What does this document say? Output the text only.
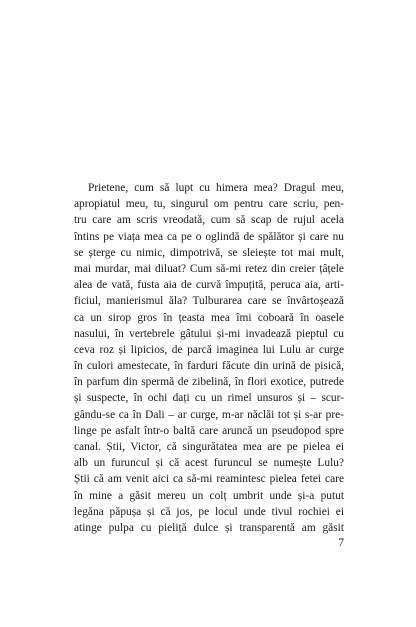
Prietene, cum să lupt cu himera mea? Dragul meu,
apropiatul meu, tu, singurul om pentru care scriu, pen-
tru care am scris vreodată, cum să scap de rujul acela
întins pe viața mea ca pe o oglindă de spălător și care nu
se șterge cu nimic, dimpotrivă, se sleiește tot mai mult,
mai murdar, mai diluat? Cum să-mi retez din creier țâțele
alea de vată, fusta aia de curvă împuțită, peruca aia, arti-
ficiul, manierismul ăla? Tulburarea care se învârtoșează
ca un sirop gros în țeasta mea îmi coboară în oasele
nasului, în vertebrele gâtului și-mi invadează pieptul cu
ceva roz și lipicios, de parcă imaginea lui Lulu ar curge
în culori amestecate, în farduri făcute din urină de pisică,
în parfum din spermă de zibelină, în flori exotice, putrede
și suspecte, în ochi dați cu un rimel unsuros și – scur-
gându-se ca în Dali – ar curge, m-ar năclăi tot și s-ar pre-
linge pe asfalt într-o baltă care aruncă un pseudopod spre
canal. Știi, Victor, că singurătatea mea are pe pielea ei
alb un furuncul și că acest furuncul se numește Lulu?
Știi că am venit aici ca să-mi reamintesc pielea fetei care
în mine a găsit mereu un colț umbrit unde și-a putut
legăna păpușa și că jos, pe locul unde tivul rochiei ei
atinge pulpa cu pieliță dulce și transparentă am găsit
7
